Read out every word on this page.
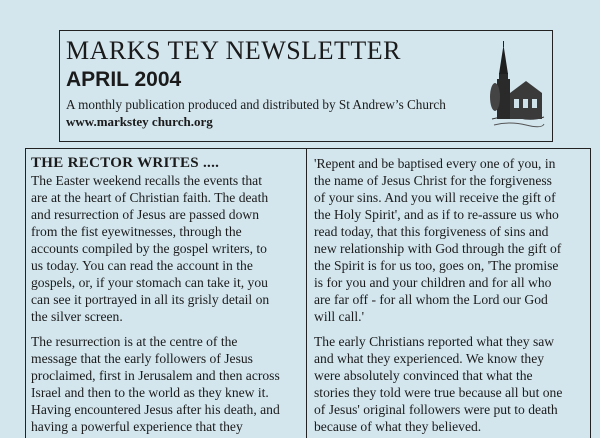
MARKS TEY NEWSLETTER
APRIL 2004
A monthly publication produced and distributed by St Andrew’s Church
www.markstey church.org
THE RECTOR WRITES ....

The Easter weekend recalls the events that
are at the heart of Christian faith. The death
and resurrection of Jesus are passed down
from the fist eyewitnesses, through the
accounts compiled by the gospel writers, to
us today. You can read the account in the
gospels, or, if your stomach can take it, you
can see it portrayed in all its grisly detail on
the silver screen.

The resurrection is at the centre of the
message that the early followers of Jesus
proclaimed, first in Jerusalem and then across
Israel and then to the world as they knew it.
Having encountered Jesus after his death, and
having a powerful experience that they

'Repent and be baptised every one of you, in
the name of Jesus Christ for the forgiveness
of your sins. And you will receive the gift of
the Holy Spirit', and as if to re-assure us who
read today, that this forgiveness of sins and
new relationship with God through the gift of
the Spirit is for us too, goes on, 'The promise
is for you and your children and for all who
are far off - for all whom the Lord our God
will call.'

The early Christians reported what they saw
and what they experienced. We know they
were absolutely convinced that what the
stories they told were true because all but one
of Jesus' original followers were put to death
because of what they believed.
